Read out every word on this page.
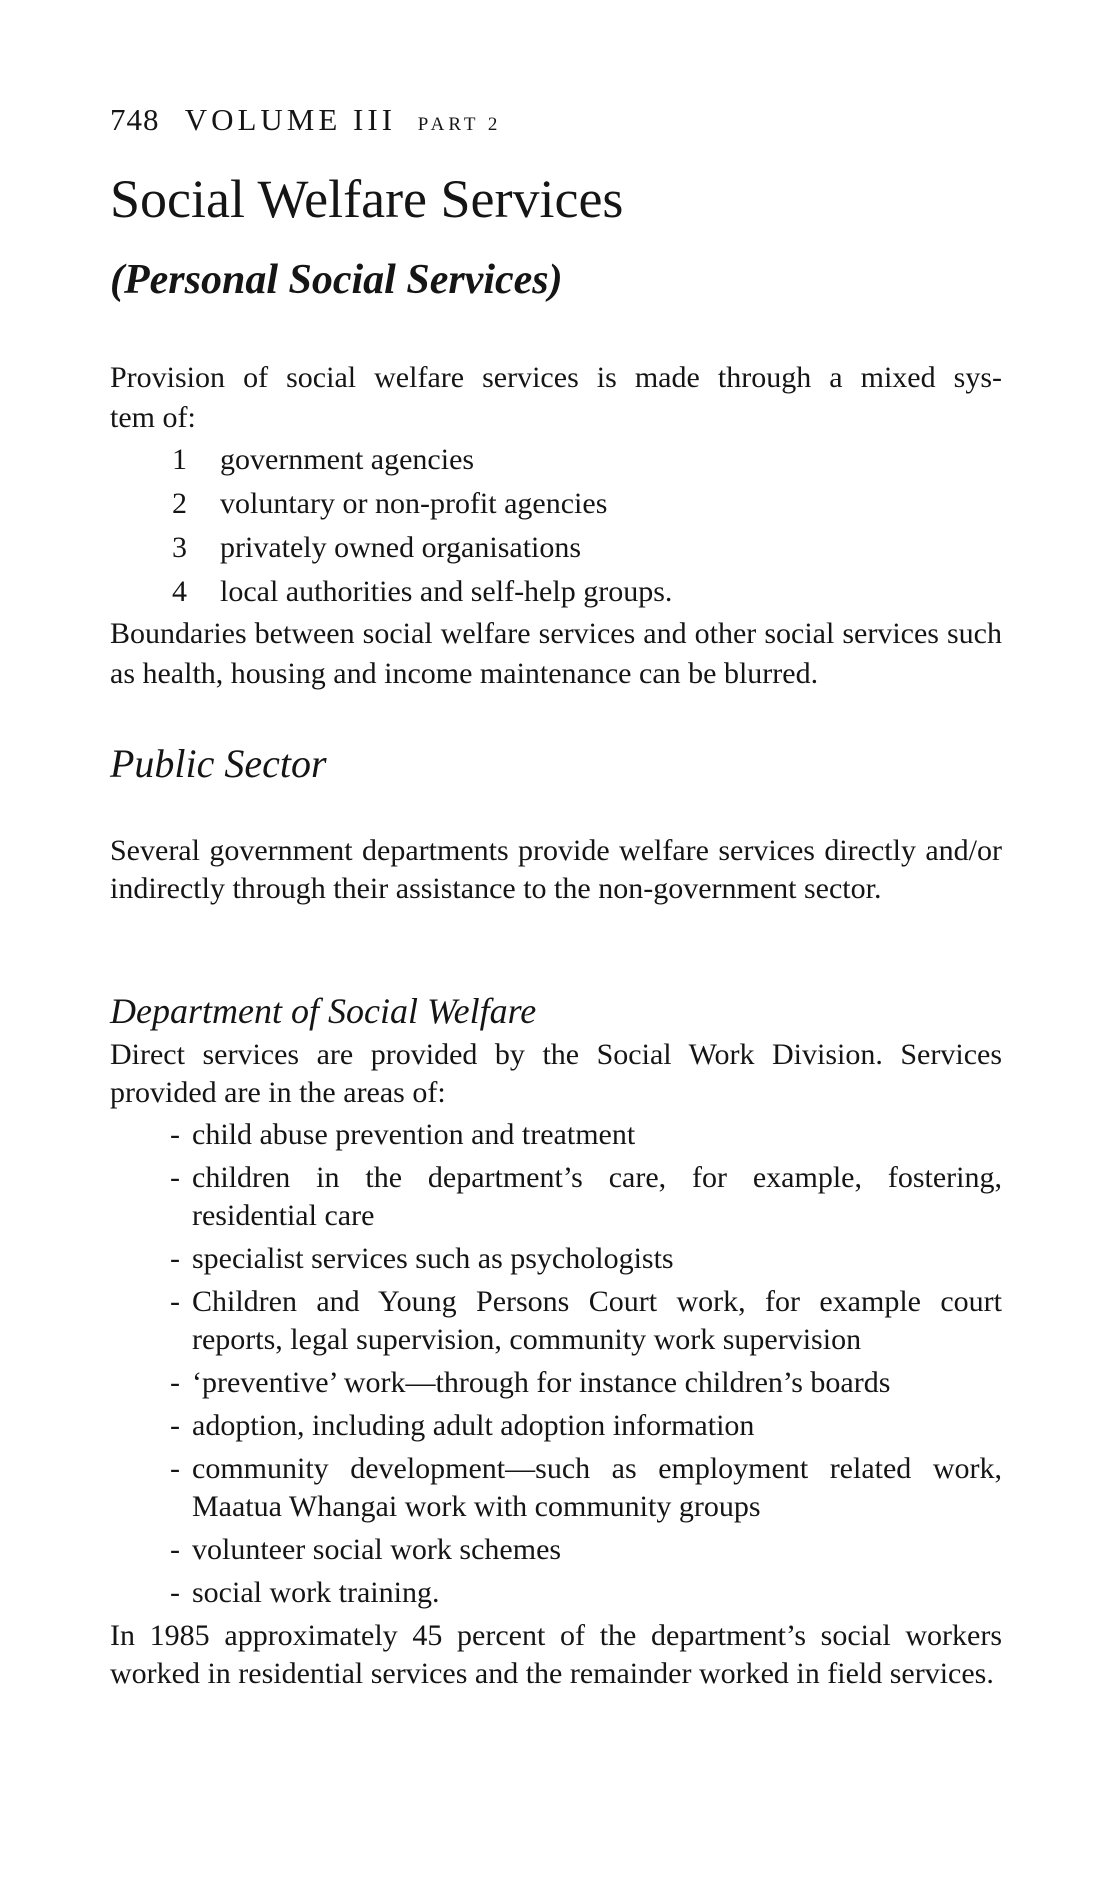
748 VOLUME III PART 2
Social Welfare Services
(Personal Social Services)
Provision of social welfare services is made through a mixed sys-
tem of:
1	government agencies
2	voluntary or non-profit agencies
3	privately owned organisations
4	local authorities and self-help groups.

Boundaries between social welfare services and other social services such as health, housing and income maintenance can be blurred.

Public Sector

Several government departments provide welfare services directly and/or indirectly through their assistance to the non-government sector.

Department of Social Welfare

Direct services are provided by the Social Work Division. Services provided are in the areas of:

- child abuse prevention and treatment
- children in the department’s care, for example, fostering, residential care
- specialist services such as psychologists
- Children and Young Persons Court work, for example court reports, legal supervision, community work supervision
- ‘preventive’ work—through for instance children’s boards
- adoption, including adult adoption information
- community development—such as employment related work, Maatua Whangai work with community groups
- volunteer social work schemes
- social work training.

In 1985 approximately 45 percent of the department’s social workers worked in residential services and the remainder worked in field services.
